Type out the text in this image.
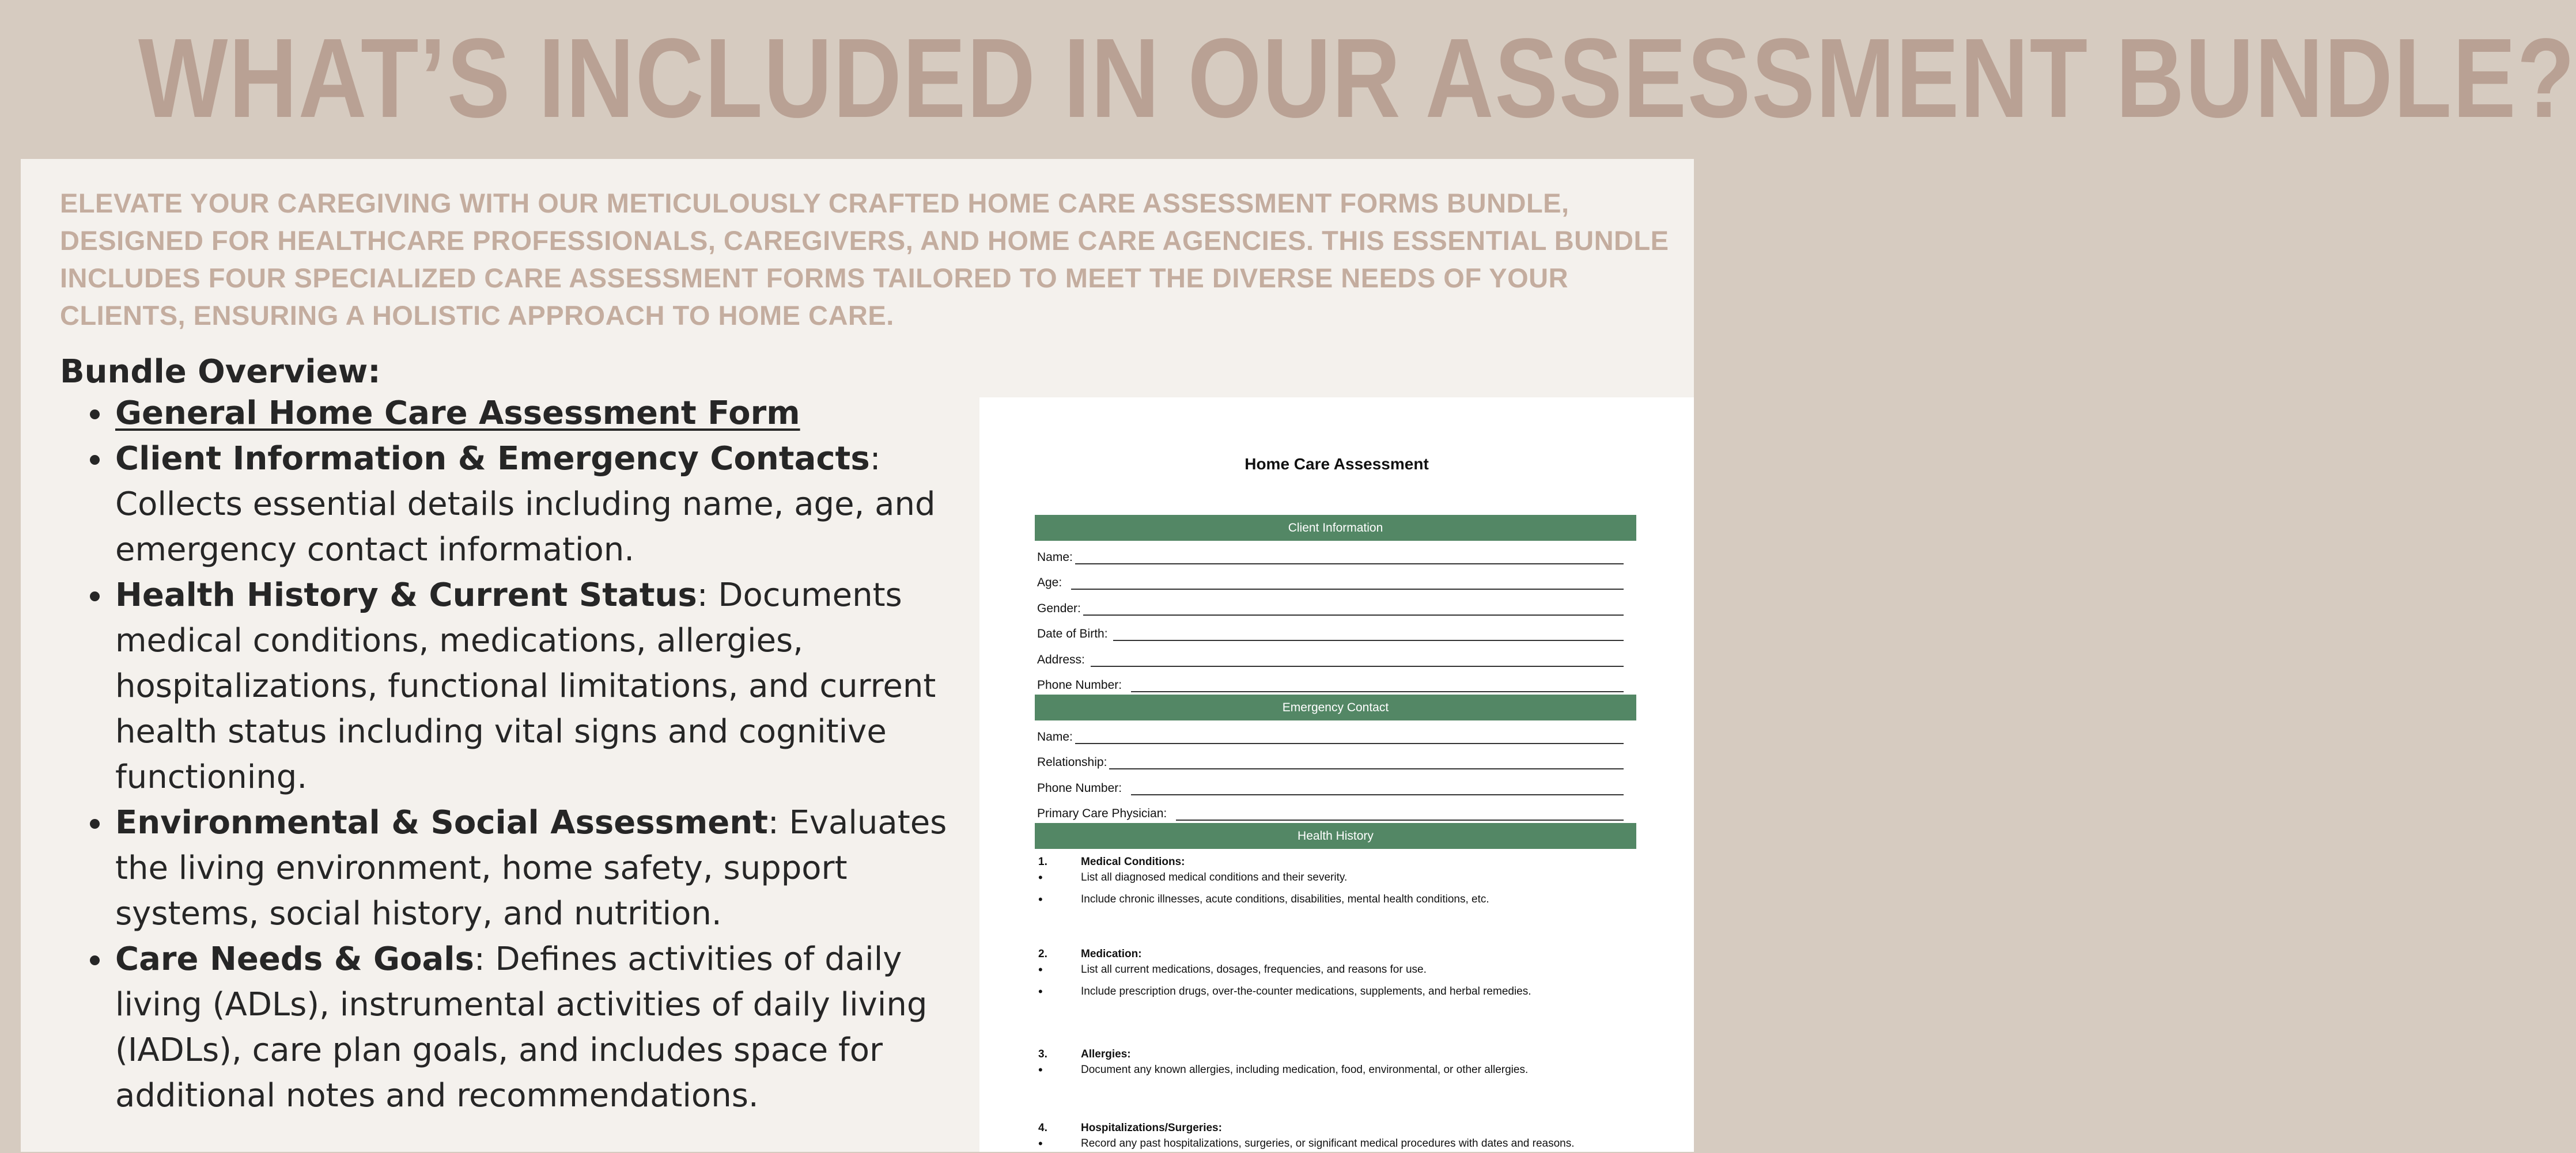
WHAT’S INCLUDED IN OUR ASSESSMENT BUNDLE?
ELEVATE YOUR CAREGIVING WITH OUR METICULOUSLY CRAFTED HOME CARE ASSESSMENT FORMS BUNDLE, DESIGNED FOR HEALTHCARE PROFESSIONALS, CAREGIVERS, AND HOME CARE AGENCIES. THIS ESSENTIAL BUNDLE INCLUDES FOUR SPECIALIZED CARE ASSESSMENT FORMS TAILORED TO MEET THE DIVERSE NEEDS OF YOUR CLIENTS, ENSURING A HOLISTIC APPROACH TO HOME CARE.
Bundle Overview:
General Home Care Assessment Form
Client Information & Emergency Contacts: Collects essential details including name, age, and emergency contact information.
Health History & Current Status: Documents medical conditions, medications, allergies, hospitalizations, functional limitations, and current health status including vital signs and cognitive functioning.
Environmental & Social Assessment: Evaluates the living environment, home safety, support systems, social history, and nutrition.
Care Needs & Goals: Defines activities of daily living (ADLs), instrumental activities of daily living (IADLs), care plan goals, and includes space for additional notes and recommendations.
Home Care Assessment
Client Information
Name:
Age:
Gender:
Date of Birth:
Address:
Phone Number:
Emergency Contact
Name:
Relationship:
Phone Number:
Primary Care Physician:
Health History
1.	Medical Conditions:
•	List all diagnosed medical conditions and their severity.
•	Include chronic illnesses, acute conditions, disabilities, mental health conditions, etc.
2.	Medication:
•	List all current medications, dosages, frequencies, and reasons for use.
•	Include prescription drugs, over-the-counter medications, supplements, and herbal remedies.
3.	Allergies:
•	Document any known allergies, including medication, food, environmental, or other allergies.
4.	Hospitalizations/Surgeries:
•	Record any past hospitalizations, surgeries, or significant medical procedures with dates and reasons.
